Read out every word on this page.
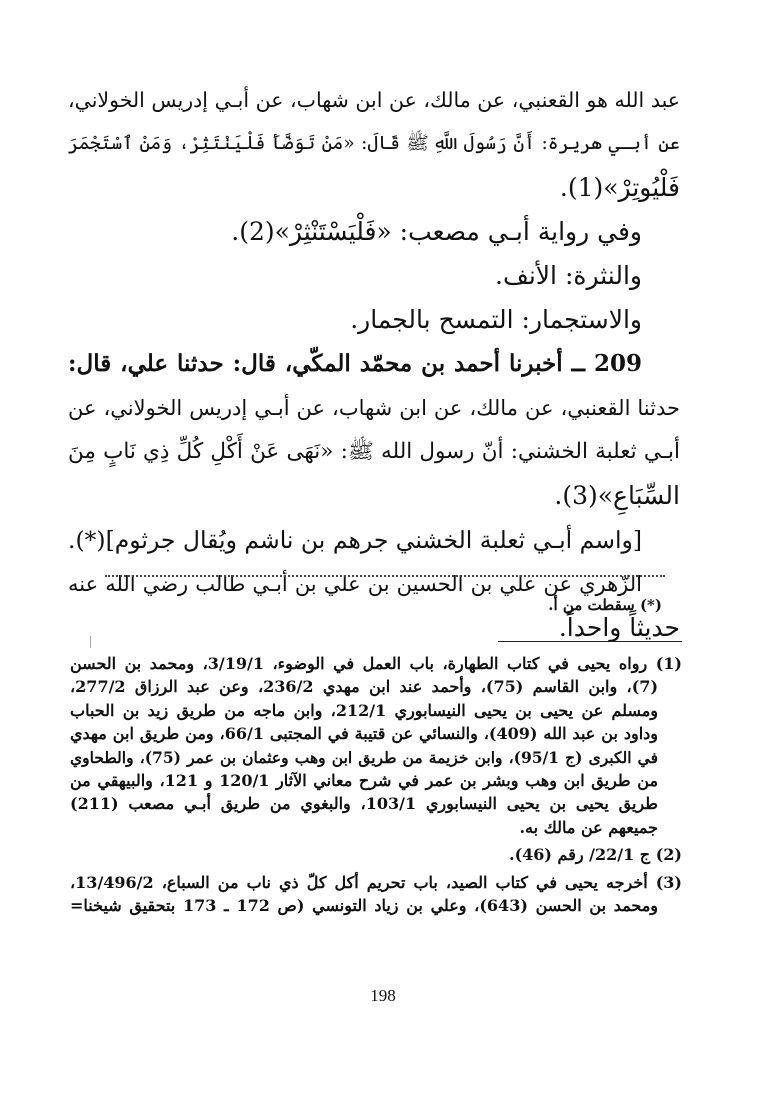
عبد الله هو القعنبي، عن مالك، عن ابن شهاب، عن أبـي إدريس الخولاني،
عن أبـي هريرة: أَنَّ رَسُولَ اللَّهِ ﷺ قَالَ: «مَنْ تَوَضَّأَ فَلْيَنْتَثِرْ، وَمَنْ ٱسْتَجْمَرَ
فَلْيُوتِرْ»(1).
وفي رواية أبـي مصعب: «فَلْيَسْتَنْثِرْ»(2).
والنثرة: الأنف.
والاستجمار: التمسح بالجمار.
209 ــ أخبرنا أحمد بن محمّد المكّي، قال: حدثنا علي، قال:
حدثنا القعنبي، عن مالك، عن ابن شهاب، عن أبـي إدريس الخولاني، عن
أبـي ثعلبة الخشني: أنّ رسول الله ﷺ: «نَهَى عَنْ أَكْلِ كُلِّ ذِي نَابٍ مِنَ
السِّبَاعِ»(3).
[واسم أبـي ثعلبة الخشني جرهم بن ناشم ويُقال جرثوم](*).
الزّهري عن علي بن الحسين بن علي بن أبـي طالب رضي الله عنه
حديثاً واحداً.
(*) سقطت من أ.
(1) رواه يحيى في كتاب الطهارة، باب العمل في الوضوء، 3/19/1، ومحمد بن الحسن
(7)، وابن القاسم (75)، وأحمد عند ابن مهدي 236/2، وعن عبد الرزاق 277/2،
ومسلم عن يحيى بن يحيى النيسابوري 212/1، وابن ماجه من طريق زيد بن الحباب
وداود بن عبد الله (409)، والنسائي عن قتيبة في المجتبى 66/1، ومن طريق ابن مهدي
في الكبرى (ج 95/1)، وابن خزيمة من طريق ابن وهب وعثمان بن عمر (75)، والطحاوي
من طريق ابن وهب وبشر بن عمر في شرح معاني الآثار 120/1 و 121، والبيهقي من
طريق يحيى بن يحيى النيسابوري 103/1، والبغوي من طريق أبـي مصعب (211)
جميعهم عن مالك به.
(2) ج 22/1/ رقم (46).
(3) أخرجه يحيى في كتاب الصيد، باب تحريم أكل كلّ ذي ناب من السباع، 13/496/2،
ومحمد بن الحسن (643)، وعلي بن زياد التونسي (ص 172 ـ 173 بتحقيق شيخنا=
198
